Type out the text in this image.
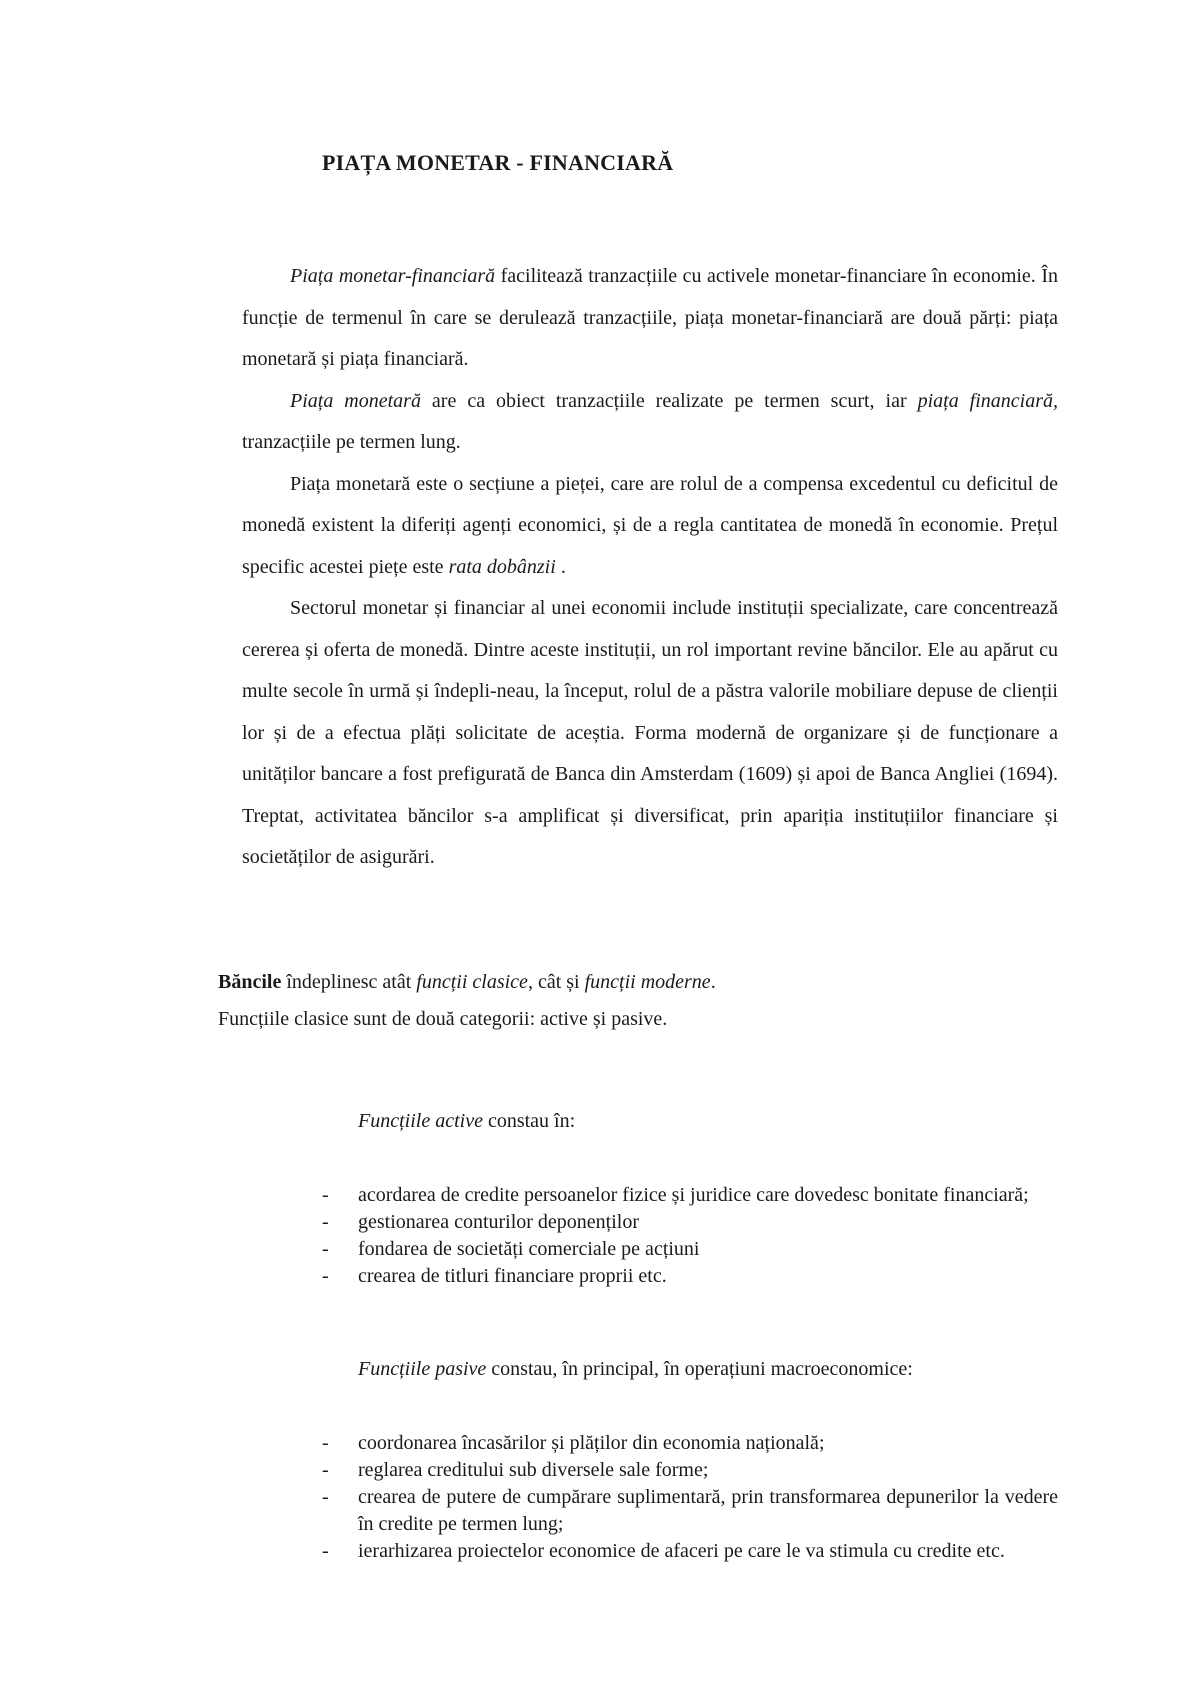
PIAȚA MONETAR - FINANCIARĂ

Piața monetar-financiară facilitează tranzacțiile cu activele monetar-financiare în economie. În funcție de termenul în care se derulează tranzacțiile, piața monetar-financiară are două părți: piața monetară și piața financiară.

Piața monetară are ca obiect tranzacțiile realizate pe termen scurt, iar piața financiară, tranzacțiile pe termen lung.

Piața monetară este o secțiune a pieței, care are rolul de a compensa excedentul cu deficitul de monedă existent la diferiți agenți economici, și de a regla cantitatea de monedă în economie. Prețul specific acestei piețe este rata dobânzii .

Sectorul monetar și financiar al unei economii include instituții specializate, care concentrează cererea și oferta de monedă. Dintre aceste instituții, un rol important revine băncilor. Ele au apărut cu multe secole în urmă și îndepli-neau, la început, rolul de a păstra valorile mobiliare depuse de clienții lor și de a efectua plăți solicitate de aceștia. Forma modernă de organizare și de funcționare a unităților bancare a fost prefigurată de Banca din Amsterdam (1609) și apoi de Banca Angliei (1694). Treptat, activitatea băncilor s-a amplificat și diversificat, prin apariția instituțiilor financiare și societăților de asigurări.

Băncile îndeplinesc atât funcții clasice, cât și funcții moderne.

Funcțiile clasice sunt de două categorii: active și pasive.

Funcțiile active constau în:

- acordarea de credite persoanelor fizice și juridice care dovedesc bonitate financiară;
- gestionarea conturilor deponenților
- fondarea de societăți comerciale pe acțiuni
- crearea de titluri financiare proprii etc.

Funcțiile pasive constau, în principal, în operațiuni macroeconomice:

- coordonarea încasărilor și plăților din economia națională;
- reglarea creditului sub diversele sale forme;
- crearea de putere de cumpărare suplimentară, prin transformarea depunerilor la vedere în credite pe termen lung;
- ierarhizarea proiectelor economice de afaceri pe care le va stimula cu credite etc.
